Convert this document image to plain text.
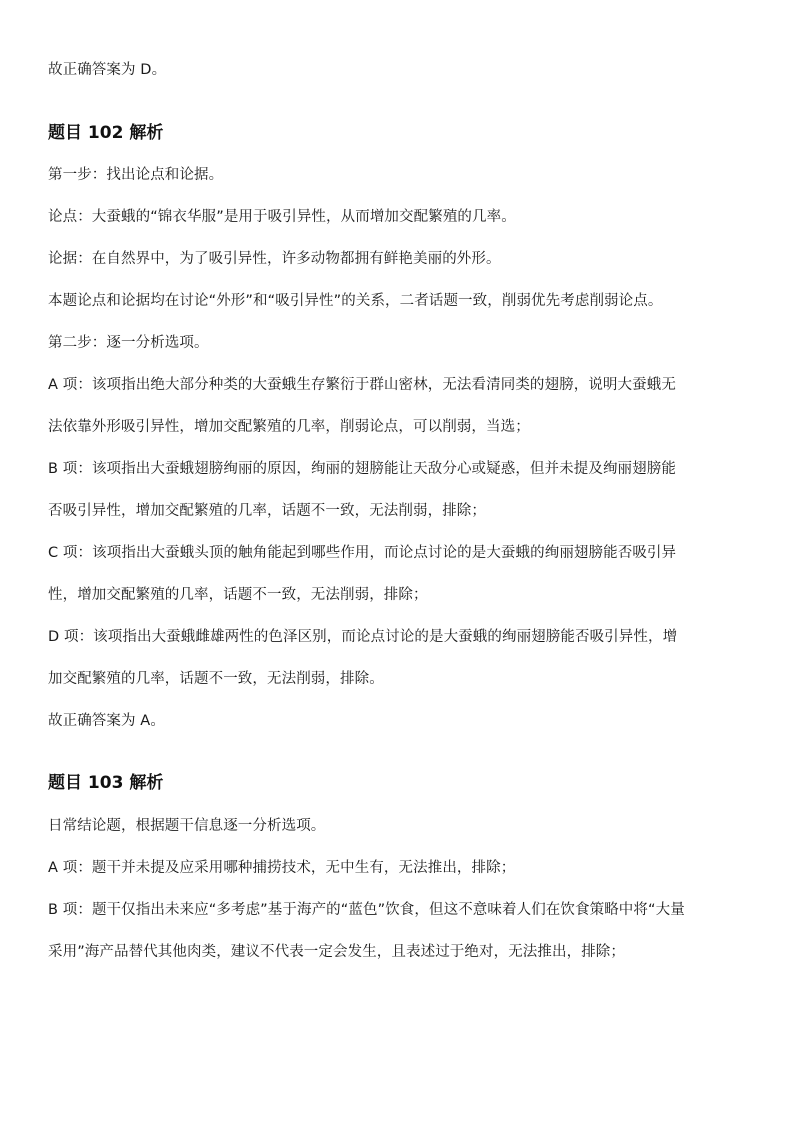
故正确答案为 D。
题目 102 解析
第一步：找出论点和论据。
论点：大蚕蛾的“锦衣华服”是用于吸引异性，从而增加交配繁殖的几率。
论据：在自然界中，为了吸引异性，许多动物都拥有鲜艳美丽的外形。
本题论点和论据均在讨论“外形”和“吸引异性”的关系，二者话题一致，削弱优先考虑削弱论点。
第二步：逐一分析选项。
A 项：该项指出绝大部分种类的大蚕蛾生存繁衍于群山密林，无法看清同类的翅膀，说明大蚕蛾无
法依靠外形吸引异性，增加交配繁殖的几率，削弱论点，可以削弱，当选；
B 项：该项指出大蚕蛾翅膀绚丽的原因，绚丽的翅膀能让天敌分心或疑惑，但并未提及绚丽翅膀能
否吸引异性，增加交配繁殖的几率，话题不一致，无法削弱，排除；
C 项：该项指出大蚕蛾头顶的触角能起到哪些作用，而论点讨论的是大蚕蛾的绚丽翅膀能否吸引异
性，增加交配繁殖的几率，话题不一致，无法削弱，排除；
D 项：该项指出大蚕蛾雌雄两性的色泽区别，而论点讨论的是大蚕蛾的绚丽翅膀能否吸引异性，增
加交配繁殖的几率，话题不一致，无法削弱，排除。
故正确答案为 A。
题目 103 解析
日常结论题，根据题干信息逐一分析选项。
A 项：题干并未提及应采用哪种捕捞技术，无中生有，无法推出，排除；
B 项：题干仅指出未来应“多考虑”基于海产的“蓝色”饮食，但这不意味着人们在饮食策略中将“大量
采用”海产品替代其他肉类，建议不代表一定会发生，且表述过于绝对，无法推出，排除；
